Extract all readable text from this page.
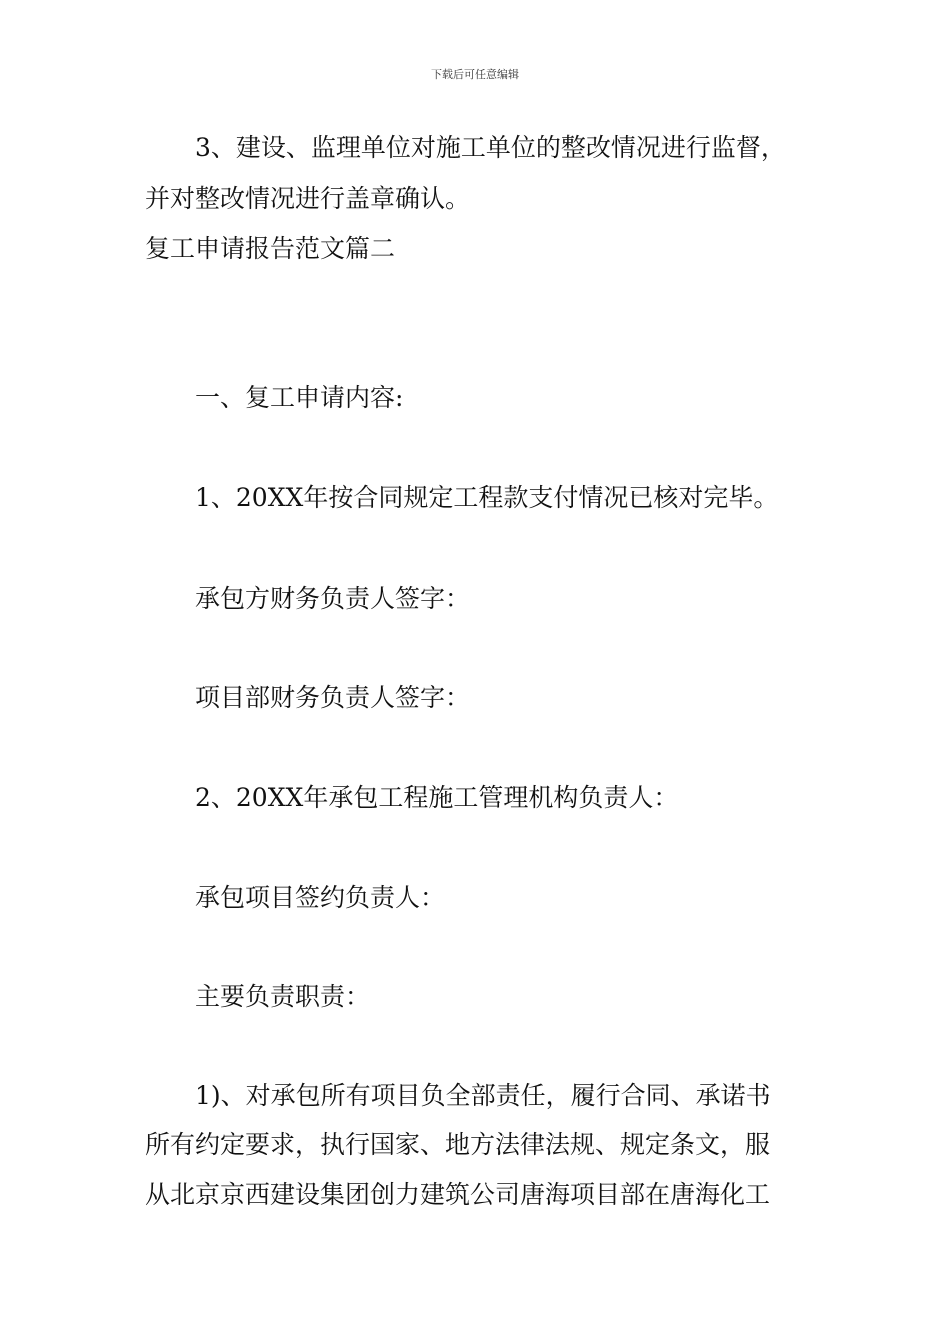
下载后可任意编辑
3、建设、监理单位对施工单位的整改情况进行监督，
并对整改情况进行盖章确认。
复工申请报告范文篇二
一、复工申请内容:
1、20XX年按合同规定工程款支付情况已核对完毕。
承包方财务负责人签字：
项目部财务负责人签字：
2、20XX年承包工程施工管理机构负责人：
承包项目签约负责人：
主要负责职责：
1)、对承包所有项目负全部责任，履行合同、承诺书
所有约定要求，执行国家、地方法律法规、规定条文，服
从北京京西建设集团创力建筑公司唐海项目部在唐海化工
